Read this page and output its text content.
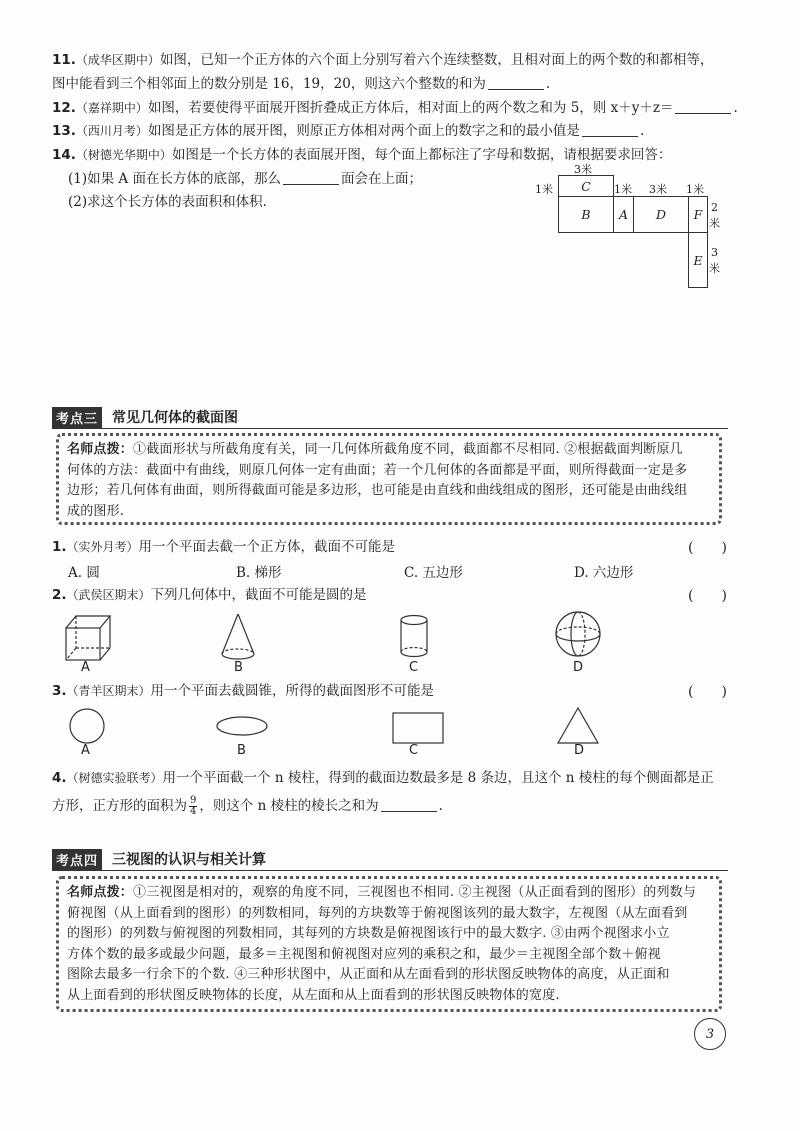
11.（成华区期中）如图，已知一个正方体的六个面上分别写着六个连续整数，且相对面上的两个数的和都相等，
图中能看到三个相邻面上的数分别是 16，19，20，则这六个整数的和为	.
12.（嘉祥期中）如图，若要使得平面展开图折叠成正方体后，相对面上的两个数之和为 5，则 x＋y＋z＝	.
13.（西川月考）如图是正方体的展开图，则原正方体相对两个面上的数字之和的最小值是	.
14.（树德光华期中）如图是一个长方体的表面展开图，每个面上都标注了字母和数据，请根据要求回答：
(1)如果 A 面在长方体的底部，那么	面会在上面；
(2)求这个长方体的表面积和体积.
C
B	A	D	F
E
3米
1米	1米 3米 1米
2
米
3
米
考点三 常见几何体的截面图
名师点拨：①截面形状与所截角度有关，同一几何体所截角度不同，截面都不尽相同. ②根据截面判断原几
何体的方法：截面中有曲线，则原几何体一定有曲面；若一个几何体的各面都是平面，则所得截面一定是多
边形；若几何体有曲面，则所得截面可能是多边形，也可能是由直线和曲线组成的图形，还可能是由曲线组
成的图形.
1.（实外月考）用一个平面去截一个正方体，截面不可能是	(　　)
A. 圆	B. 梯形	C. 五边形	D. 六边形
2.（武侯区期末）下列几何体中，截面不可能是圆的是	(　　)
A	B	C	D
3.（青羊区期末）用一个平面去截圆锥，所得的截面图形不可能是	(　　)
A	B	C	D
4.（树德实验联考）用一个平面截一个 n 棱柱，得到的截面边数最多是 8 条边，且这个 n 棱柱的每个侧面都是正
方形，正方形的面积为 $\frac{9}{4}$ ，则这个 n 棱柱的棱长之和为	.
考点四 三视图的认识与相关计算
名师点拨：①三视图是相对的，观察的角度不同，三视图也不相同. ②主视图（从正面看到的图形）的列数与
俯视图（从上面看到的图形）的列数相同，每列的方块数等于俯视图该列的最大数字，左视图（从左面看到
的图形）的列数与俯视图的列数相同，其每列的方块数是俯视图该行中的最大数字. ③由两个视图求小立
方体个数的最多或最少问题，最多＝主视图和俯视图对应列的乘积之和，最少＝主视图全部个数＋俯视
图除去最多一行余下的个数. ④三种形状图中，从正面和从左面看到的形状图反映物体的高度，从正面和
从上面看到的形状图反映物体的长度，从左面和从上面看到的形状图反映物体的宽度.
3
